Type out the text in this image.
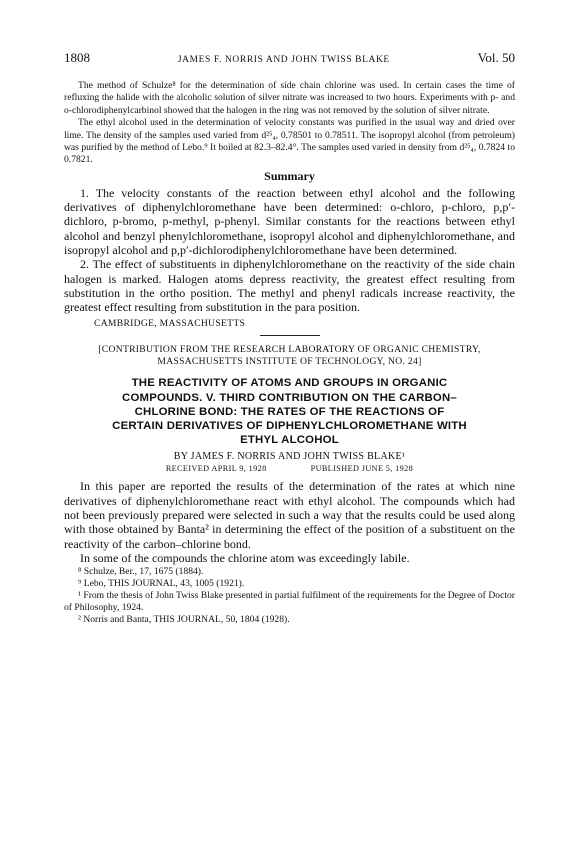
1808	JAMES F. NORRIS AND JOHN TWISS BLAKE	Vol. 50

The method of Schulze⁸ for the determination of side chain chlorine was used. In certain cases the time of refluxing the halide with the alcoholic solution of silver nitrate was increased to two hours. Experiments with p- and o-chlorodiphenylcarbinol showed that the halogen in the ring was not removed by the solution of silver nitrate.

The ethyl alcohol used in the determination of velocity constants was purified in the usual way and dried over lime. The density of the samples used varied from d²⁵₄, 0.78501 to 0.78511. The isopropyl alcohol (from petroleum) was purified by the method of Lebo.⁹ It boiled at 82.3–82.4°. The samples used varied in density from d²⁵₄, 0.7824 to 0.7821.

Summary

1. The velocity constants of the reaction between ethyl alcohol and the following derivatives of diphenylchloromethane have been determined: o-chloro, p-chloro, p,p′-dichloro, p-bromo, p-methyl, p-phenyl. Similar constants for the reactions between ethyl alcohol and benzyl phenylchloromethane, isopropyl alcohol and diphenylchloromethane, and isopropyl alcohol and p,p′-dichlorodiphenylchloromethane have been determined.

2. The effect of substituents in diphenylchloromethane on the reactivity of the side chain halogen is marked. Halogen atoms depress reactivity, the greatest effect resulting from substitution in the ortho position. The methyl and phenyl radicals increase reactivity, the greatest effect resulting from substitution in the para position.

CAMBRIDGE, MASSACHUSETTS
[CONTRIBUTION FROM THE RESEARCH LABORATORY OF ORGANIC CHEMISTRY,
MASSACHUSETTS INSTITUTE OF TECHNOLOGY, NO. 24]
THE REACTIVITY OF ATOMS AND GROUPS IN ORGANIC
COMPOUNDS. V. THIRD CONTRIBUTION ON THE CARBON–
CHLORINE BOND: THE RATES OF THE REACTIONS OF
CERTAIN DERIVATIVES OF DIPHENYLCHLOROMETHANE WITH
ETHYL ALCOHOL
BY JAMES F. NORRIS AND JOHN TWISS BLAKE¹
RECEIVED APRIL 9, 1928	PUBLISHED JUNE 5, 1928

In this paper are reported the results of the determination of the rates at which nine derivatives of diphenylchloromethane react with ethyl alcohol. The compounds which had not been previously prepared were selected in such a way that the results could be used along with those obtained by Banta² in determining the effect of the position of a substituent on the reactivity of the carbon–chlorine bond.

In some of the compounds the chlorine atom was exceedingly labile.

⁸ Schulze, Ber., 17, 1675 (1884).

⁹ Lebo, THIS JOURNAL, 43, 1005 (1921).

¹ From the thesis of John Twiss Blake presented in partial fulfilment of the requirements for the Degree of Doctor of Philosophy, 1924.

² Norris and Banta, THIS JOURNAL, 50, 1804 (1928).
